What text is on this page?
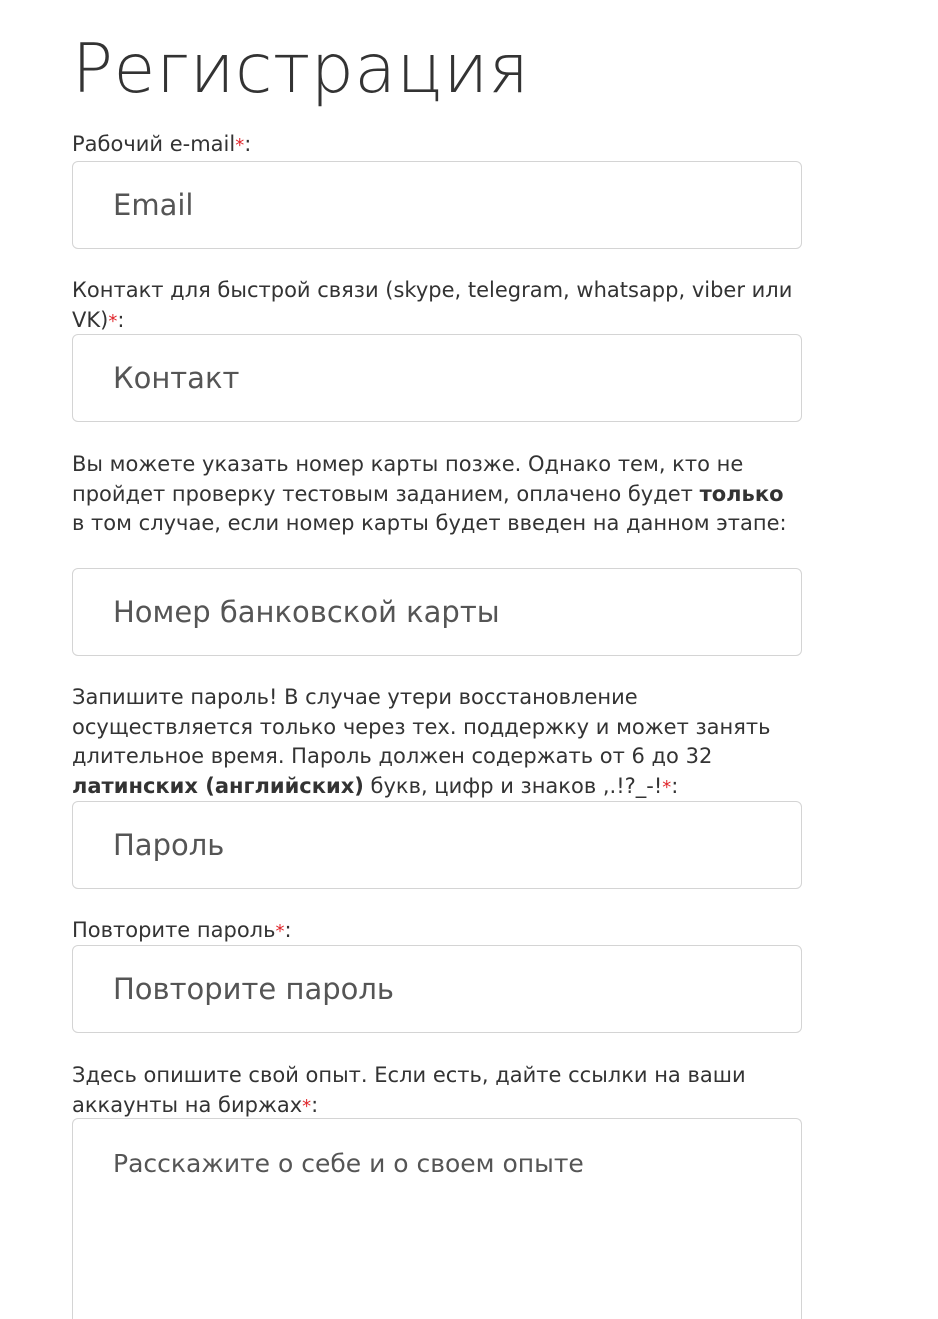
Регистрация
Рабочий e-mail*:
Email
Контакт для быстрой связи (skype, telegram, whatsapp, viber или VK)*:
Контакт
Вы можете указать номер карты позже. Однако тем, кто не пройдет проверку тестовым заданием, оплачено будет только в том случае, если номер карты будет введен на данном этапе:
Номер банковской карты
Запишите пароль! В случае утери восстановление осуществляется только через тех. поддержку и может занять длительное время. Пароль должен содержать от 6 до 32 латинских (английских) букв, цифр и знаков ,.!?_-!*:
Повторите пароль*:
Здесь опишите свой опыт. Если есть, дайте ссылки на ваши аккаунты на биржах*:
Расскажите о себе и о своем опыте
